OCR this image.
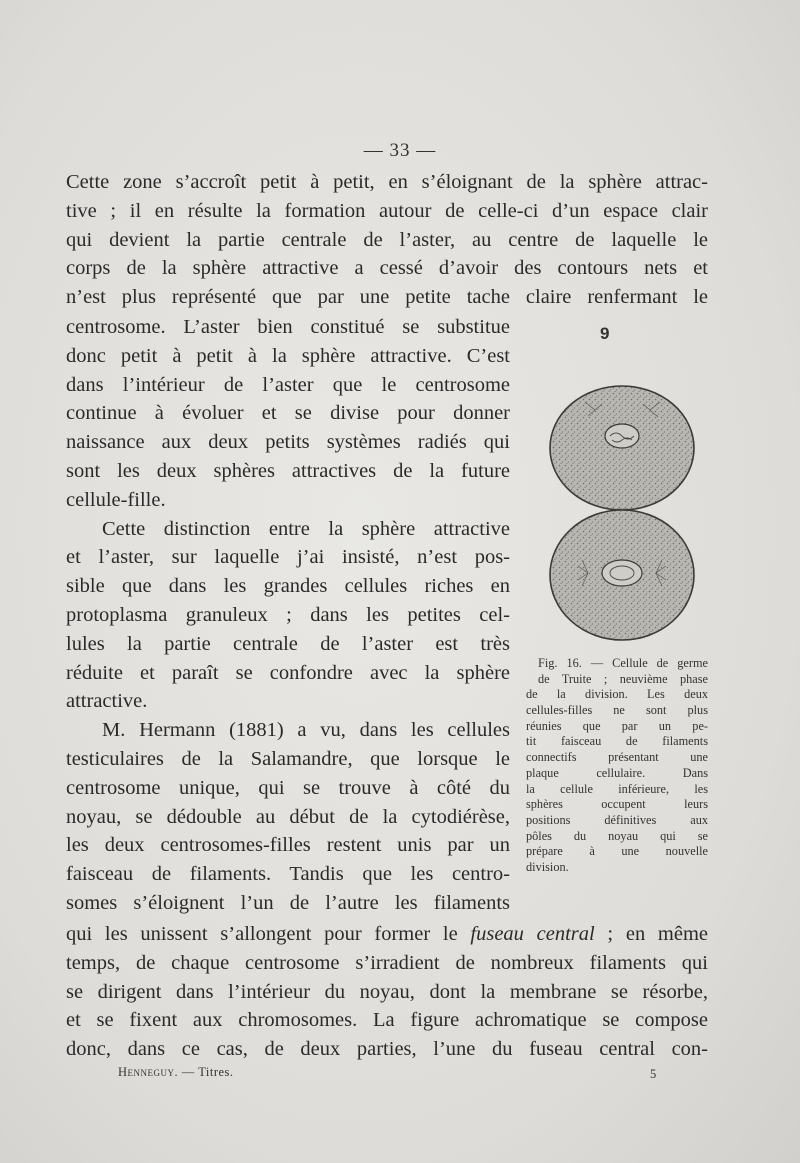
— 33 —
Cette zone s’accroît petit à petit, en s’éloignant de la sphère attrac-
tive ; il en résulte la formation autour de celle-ci d’un espace clair
qui devient la partie centrale de l’aster, au centre de laquelle le
corps de la sphère attractive a cessé d’avoir des contours nets et
n’est plus représenté que par une petite tache claire renfermant le
centrosome. L’aster bien constitué se substitue
donc petit à petit à la sphère attractive. C’est
dans l’intérieur de l’aster que le centrosome
continue à évoluer et se divise pour donner
naissance aux deux petits systèmes radiés qui
sont les deux sphères attractives de la future
cellule-fille.
Cette distinction entre la sphère attractive
et l’aster, sur laquelle j’ai insisté, n’est pos-
sible que dans les grandes cellules riches en
protoplasma granuleux ; dans les petites cel-
lules la partie centrale de l’aster est très
réduite et paraît se confondre avec la sphère
attractive.
M. Hermann (1881) a vu, dans les cellules
testiculaires de la Salamandre, que lorsque le
centrosome unique, qui se trouve à côté du
noyau, se dédouble au début de la cytodiérèse,
les deux centrosomes-filles restent unis par un
faisceau de filaments. Tandis que les centro-
somes s’éloignent l’un de l’autre les filaments
9
Fig. 16. — Cellule de germe
de Truite ; neuvième phase
de la division. Les deux
cellules-filles ne sont plus
réunies que par un pe-
tit faisceau de filaments
connectifs présentant une
plaque cellulaire. Dans
la cellule inférieure, les
sphères occupent leurs
positions définitives aux
pôles du noyau qui se
prépare à une nouvelle
division.
qui les unissent s’allongent pour former le fuseau central ; en même
temps, de chaque centrosome s’irradient de nombreux filaments qui
se dirigent dans l’intérieur du noyau, dont la membrane se résorbe,
et se fixent aux chromosomes. La figure achromatique se compose
donc, dans ce cas, de deux parties, l’une du fuseau central con-
Henneguy. — Titres.	5
